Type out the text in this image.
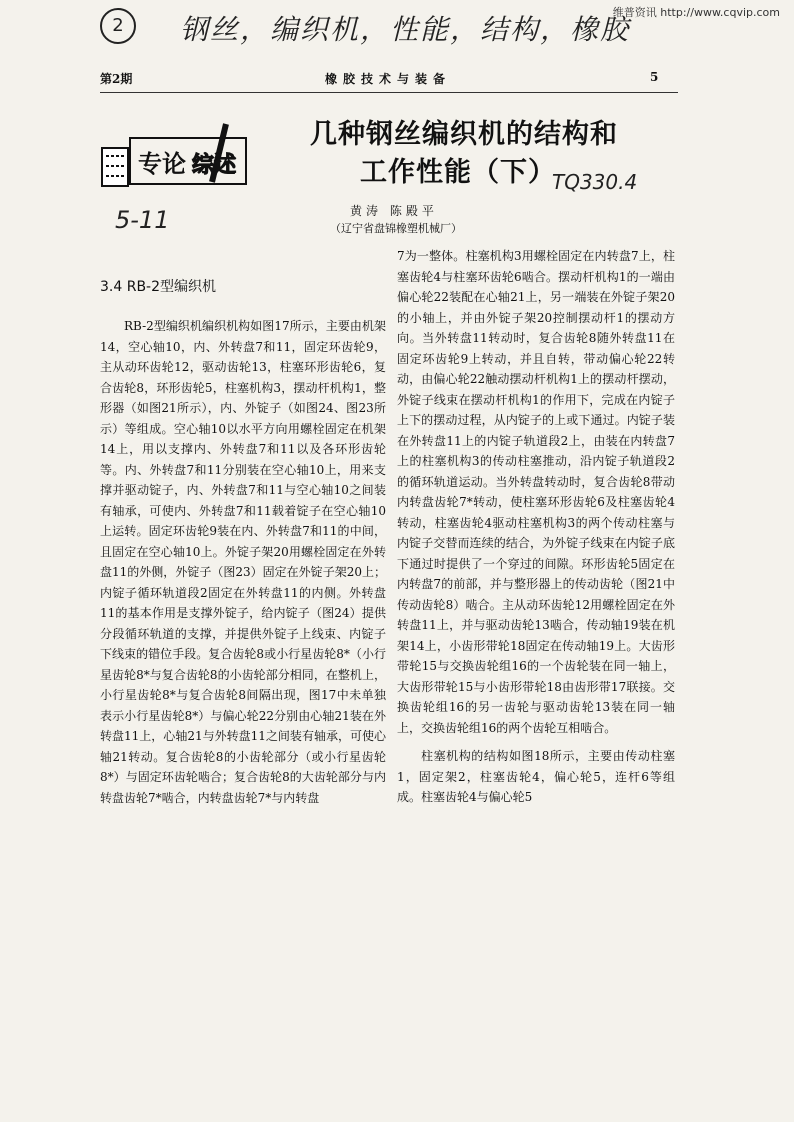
2	钢丝，编织机，性能，结构，橡胶
维普资讯 http://www.cqvip.com
第2期	橡胶技术与装备	5
专论 综述
几种钢丝编织机的结构和
工作性能（下）
TQ330.4
黄涛 陈殿平
（辽宁省盘锦橡塑机械厂）
5-11
3.4 RB-2型编织机

RB-2型编织机编织机构如图17所示，主要由机架14，空心轴10，内、外转盘7和11，固定环齿轮9，主从动环齿轮12，驱动齿轮13，柱塞环形齿轮6，复合齿轮8，环形齿轮5，柱塞机构3，摆动杆机构1，整形器（如图21所示），内、外锭子（如图24、图23所示）等组成。空心轴10以水平方向用螺栓固定在机架14上，用以支撑内、外转盘7和11以及各环形齿轮等。内、外转盘7和11分别装在空心轴10上，用来支撑并驱动锭子，内、外转盘7和11与空心轴10之间装有轴承，可使内、外转盘7和11载着锭子在空心轴10上运转。固定环齿轮9装在内、外转盘7和11的中间，且固定在空心轴10上。外锭子架20用螺栓固定在外转盘11的外侧，外锭子（图23）固定在外锭子架20上；内锭子循环轨道段2固定在外转盘11的内侧。外转盘11的基本作用是支撑外锭子，给内锭子（图24）提供分段循环轨道的支撑，并提供外锭子上线束、内锭子下线束的错位手段。复合齿轮8或小行星齿轮8*（小行星齿轮8*与复合齿轮8的小齿轮部分相同，在整机上，小行星齿轮8*与复合齿轮8间隔出现，图17中未单独表示小行星齿轮8*）与偏心轮22分别由心轴21装在外转盘11上，心轴21与外转盘11之间装有轴承，可使心轴21转动。复合齿轮8的小齿轮部分（或小行星齿轮8*）与固定环齿轮啮合；复合齿轮8的大齿轮部分与内转盘齿轮7*啮合，内转盘齿轮7*与内转盘

7为一整体。柱塞机构3用螺栓固定在内转盘7上，柱塞齿轮4与柱塞环齿轮6啮合。摆动杆机构1的一端由偏心轮22装配在心轴21上，另一端装在外锭子架20的小轴上，并由外锭子架20控制摆动杆1的摆动方向。当外转盘11转动时，复合齿轮8随外转盘11在固定环齿轮9上转动，并且自转，带动偏心轮22转动，由偏心轮22触动摆动杆机构1上的摆动杆摆动，外锭子线束在摆动杆机构1的作用下，完成在内锭子上下的摆动过程，从内锭子的上或下通过。内锭子装在外转盘11上的内锭子轨道段2上，由装在内转盘7上的柱塞机构3的传动柱塞推动，沿内锭子轨道段2的循环轨道运动。当外转盘转动时，复合齿轮8带动内转盘齿轮7*转动，使柱塞环形齿轮6及柱塞齿轮4转动，柱塞齿轮4驱动柱塞机构3的两个传动柱塞与内锭子交替而连续的结合，为外锭子线束在内锭子底下通过时提供了一个穿过的间隙。环形齿轮5固定在内转盘7的前部，并与整形器上的传动齿轮（图21中传动齿轮8）啮合。主从动环齿轮12用螺栓固定在外转盘11上，并与驱动齿轮13啮合，传动轴19装在机架14上，小齿形带轮18固定在传动轴19上。大齿形带轮15与交换齿轮组16的一个齿轮装在同一轴上，大齿形带轮15与小齿形带轮18由齿形带17联接。交换齿轮组16的另一齿轮与驱动齿轮13装在同一轴上，交换齿轮组16的两个齿轮互相啮合。

柱塞机构的结构如图18所示，主要由传动柱塞1，固定架2，柱塞齿轮4，偏心轮5，连杆6等组成。柱塞齿轮4与偏心轮5
